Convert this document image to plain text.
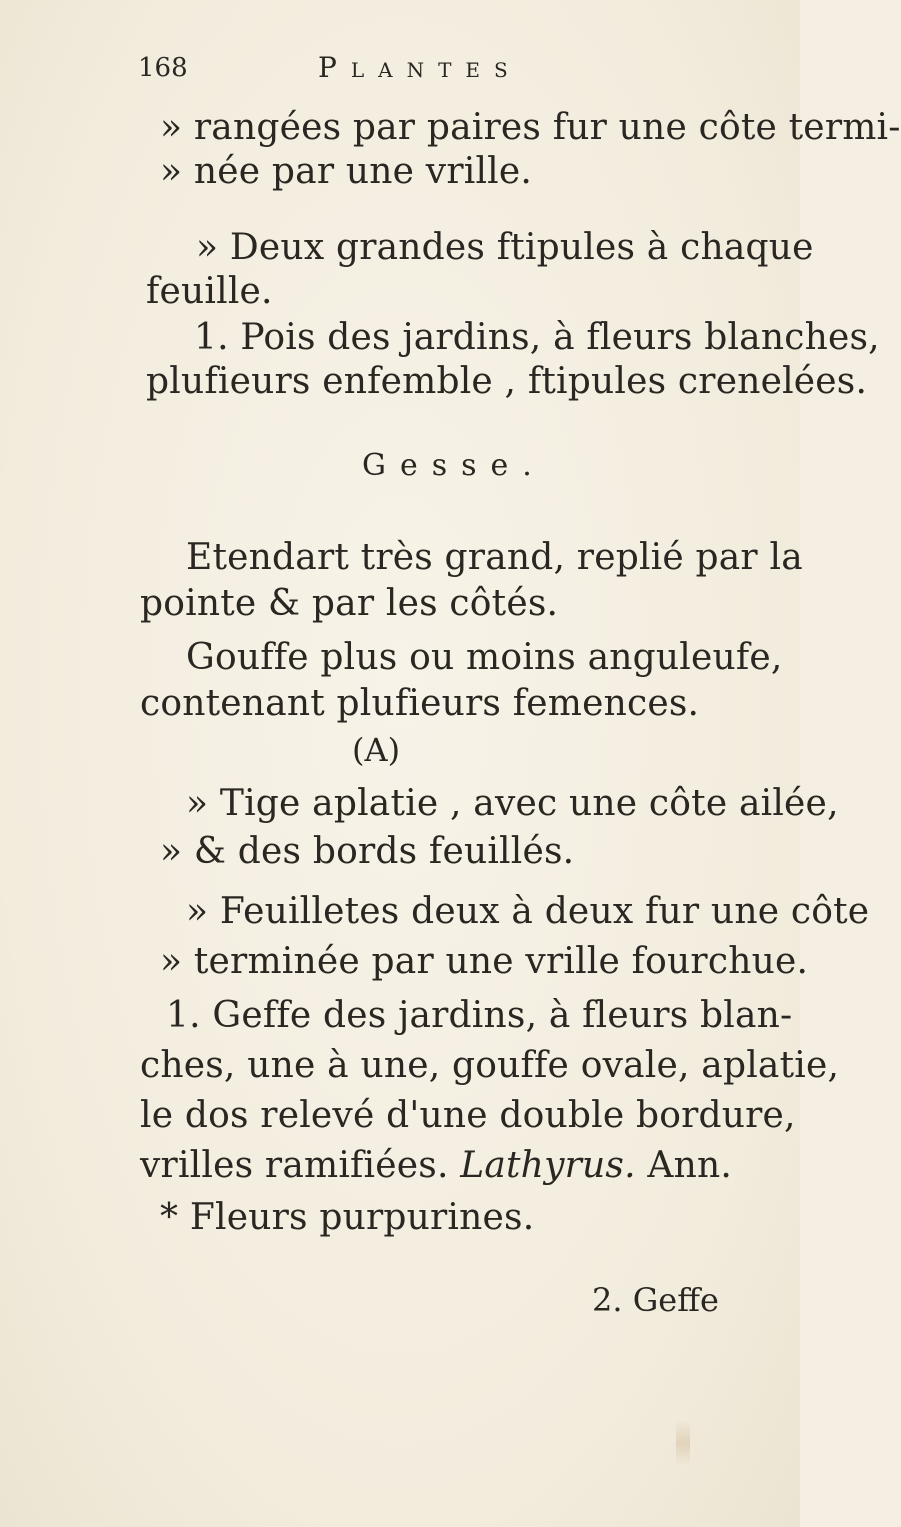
168	Plantes
» rangées par paires fur une côte termi-
» née par une vrille.
» Deux grandes ftipules à chaque
feuille.
1. Pois des jardins, à fleurs blanches,
plufieurs enfemble , ftipules crenelées.
Gesse.
Etendart très grand, replié par la
pointe & par les côtés.
Gouffe plus ou moins anguleufe,
contenant plufieurs femences.
(A)
» Tige aplatie , avec une côte ailée,
» & des bords feuillés.
» Feuilletes deux à deux fur une côte
» terminée par une vrille fourchue.
1. Geffe des jardins, à fleurs blan-
ches, une à une, gouffe ovale, aplatie,
le dos relevé d'une double bordure,
vrilles ramifiées. Lathyrus. Ann.
* Fleurs purpurines.
2. Geffe
